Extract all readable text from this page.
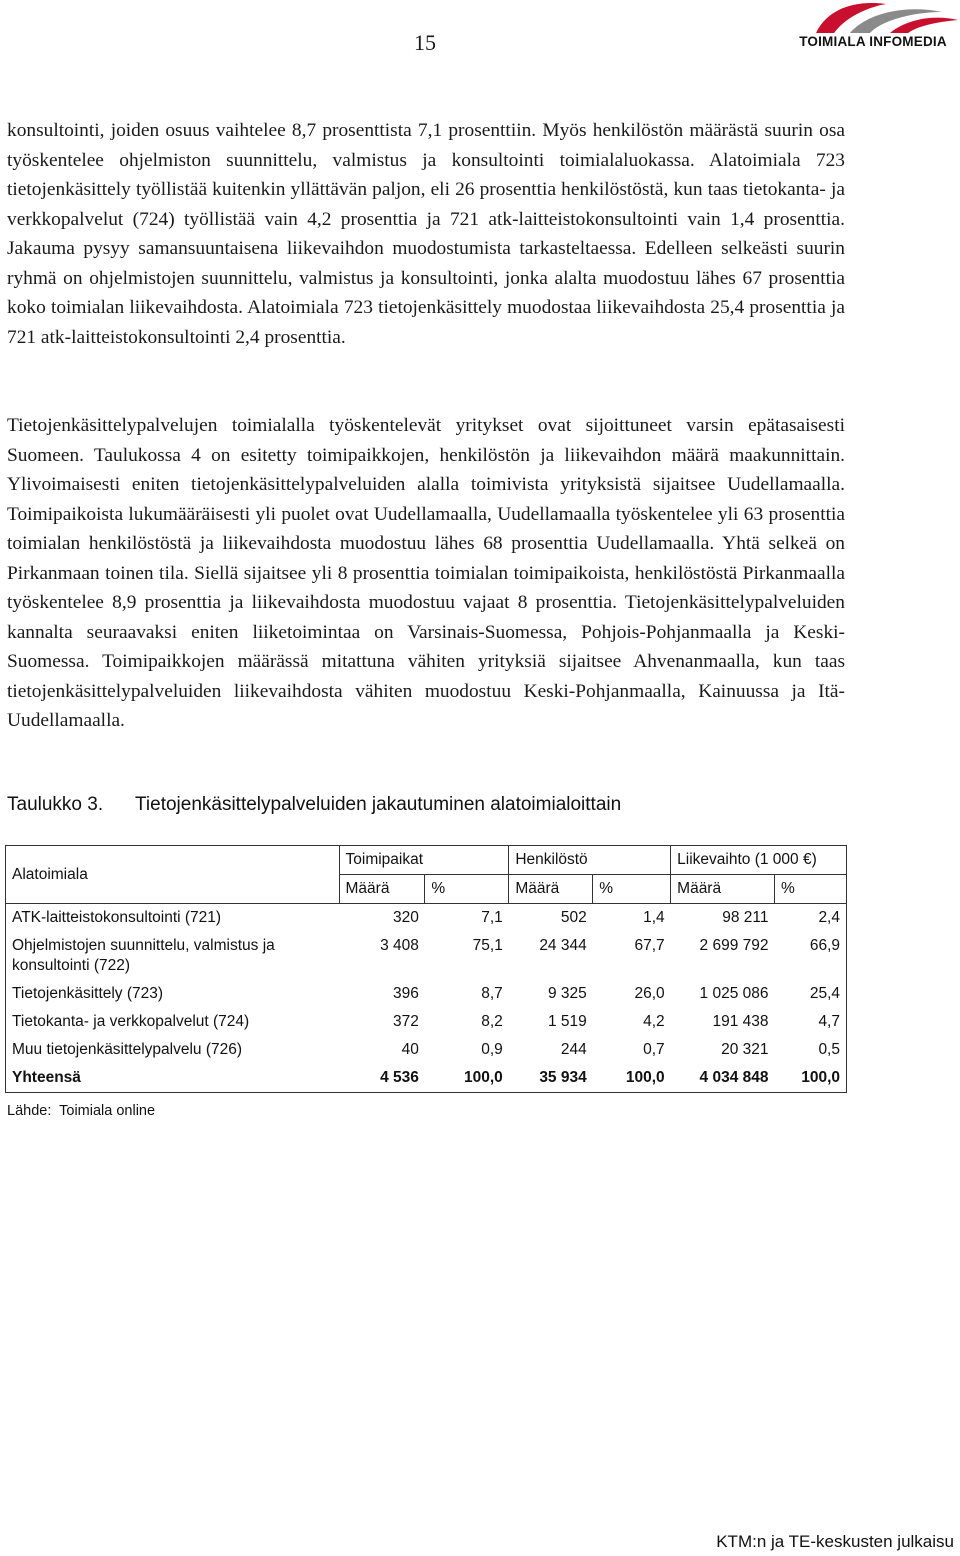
15	TOIMIALA INFOMEDIA

konsultointi, joiden osuus vaihtelee 8,7 prosenttista 7,1 prosenttiin. Myös henkilöstön määrästä suurin osa työskentelee ohjelmiston suunnittelu, valmistus ja konsultointi toimialaluokassa. Alatoimiala 723 tietojenkäsittely työllistää kuitenkin yllättävän paljon, eli 26 prosenttia henkilöstöstä, kun taas tietokanta- ja verkkopalvelut (724) työllistää vain 4,2 prosenttia ja 721 atk-laitteistokonsultointi vain 1,4 prosenttia. Jakauma pysyy samansuuntaisena liikevaihdon muodostumista tarkasteltaessa. Edelleen selkeästi suurin ryhmä on ohjelmistojen suunnittelu, valmistus ja konsultointi, jonka alalta muodostuu lähes 67 prosenttia koko toimialan liikevaihdosta. Alatoimiala 723 tietojenkäsittely muodostaa liikevaihdosta 25,4 prosenttia ja 721 atk-laitteistokonsultointi 2,4 prosenttia.

Tietojenkäsittelypalvelujen toimialalla työskentelevät yritykset ovat sijoittuneet varsin epätasaisesti Suomeen. Taulukossa 4 on esitetty toimipaikkojen, henkilöstön ja liikevaihdon määrä maakunnittain. Ylivoimaisesti eniten tietojenkäsittelypalveluiden alalla toimivista yrityksistä sijaitsee Uudellamaalla. Toimipaikoista lukumääräisesti yli puolet ovat Uudellamaalla, Uudellamaalla työskentelee yli 63 prosenttia toimialan henkilöstöstä ja liikevaihdosta muodostuu lähes 68 prosenttia Uudellamaalla. Yhtä selkeä on Pirkanmaan toinen tila. Siellä sijaitsee yli 8 prosenttia toimialan toimipaikoista, henkilöstöstä Pirkanmaalla työskentelee 8,9 prosenttia ja liikevaihdosta muodostuu vajaat 8 prosenttia. Tietojenkäsittelypalveluiden kannalta seuraavaksi eniten liiketoimintaa on Varsinais-Suomessa, Pohjois-Pohjanmaalla ja Keski-Suomessa. Toimipaikkojen määrässä mitattuna vähiten yrityksiä sijaitsee Ahvenanmaalla, kun taas tietojenkäsittelypalveluiden liikevaihdosta vähiten muodostuu Keski-Pohjanmaalla, Kainuussa ja Itä-Uudellamaalla.

Taulukko 3. Tietojenkäsittelypalveluiden jakautuminen alatoimialoittain
Alatoimiala	Toimipaikat		Henkilöstö		Liikevaihto (1 000 €)	
	Määrä	%	Määrä	%	Määrä	%
ATK-laitteistokonsultointi (721)	320	7,1	502	1,4	98 211	2,4
Ohjelmistojen suunnittelu, valmistus ja konsultointi (722)	3 408	75,1	24 344	67,7	2 699 792	66,9
Tietojenkäsittely (723)	396	8,7	9 325	26,0	1 025 086	25,4
Tietokanta- ja verkkopalvelut (724)	372	8,2	1 519	4,2	191 438	4,7
Muu tietojenkäsittelypalvelu (726)	40	0,9	244	0,7	20 321	0,5
Yhteensä	4 536	100,0	35 934	100,0	4 034 848	100,0
Lähde:  Toimiala online
KTM:n ja TE-keskusten julkaisu
